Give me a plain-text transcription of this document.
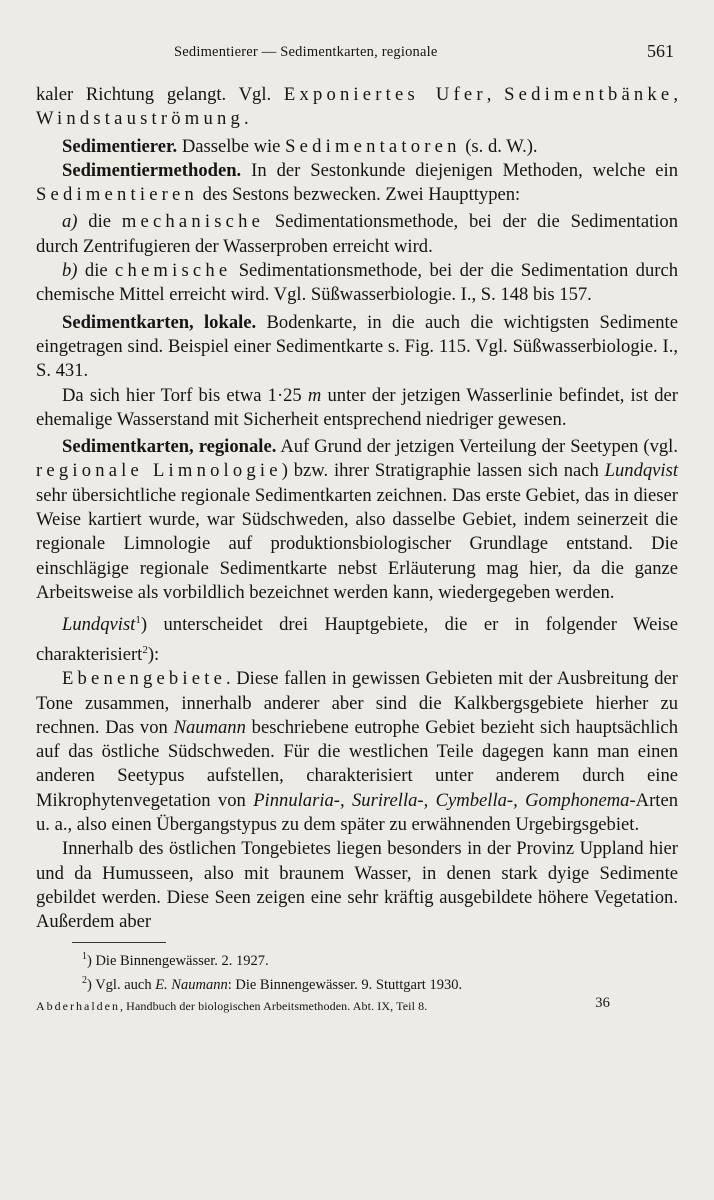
Sedimentierer — Sedimentkarten, regionale	561

kaler Richtung gelangt. Vgl. Exponiertes Ufer, Sedimentbänke, Windstauströmung.

Sedimentierer. Dasselbe wie Sedimentatoren (s. d. W.).

Sedimentiermethoden. In der Sestonkunde diejenigen Methoden, welche ein Sedimentieren des Sestons bezwecken. Zwei Haupttypen:

a) die mechanische Sedimentationsmethode, bei der die Sedimentation durch Zentrifugieren der Wasserproben erreicht wird.

b) die chemische Sedimentationsmethode, bei der die Sedimentation durch chemische Mittel erreicht wird. Vgl. Süßwasserbiologie. I., S. 148 bis 157.

Sedimentkarten, lokale. Bodenkarte, in die auch die wichtigsten Sedimente eingetragen sind. Beispiel einer Sedimentkarte s. Fig. 115. Vgl. Süßwasserbiologie. I., S. 431.

Da sich hier Torf bis etwa 1·25 m unter der jetzigen Wasserlinie befindet, ist der ehemalige Wasserstand mit Sicherheit entsprechend niedriger gewesen.

Sedimentkarten, regionale. Auf Grund der jetzigen Verteilung der Seetypen (vgl. regionale Limnologie) bzw. ihrer Stratigraphie lassen sich nach Lundqvist sehr übersichtliche regionale Sedimentkarten zeichnen. Das erste Gebiet, das in dieser Weise kartiert wurde, war Südschweden, also dasselbe Gebiet, indem seinerzeit die regionale Limnologie auf produktionsbiologischer Grundlage entstand. Die einschlägige regionale Sedimentkarte nebst Erläuterung mag hier, da die ganze Arbeitsweise als vorbildlich bezeichnet werden kann, wiedergegeben werden.

Lundqvist$^1$) unterscheidet drei Hauptgebiete, die er in folgender Weise charakterisiert$^2$):

Ebenengebiete. Diese fallen in gewissen Gebieten mit der Ausbreitung der Tone zusammen, innerhalb anderer aber sind die Kalkbergsgebiete hierher zu rechnen. Das von Naumann beschriebene eutrophe Gebiet bezieht sich hauptsächlich auf das östliche Südschweden. Für die westlichen Teile dagegen kann man einen anderen Seetypus aufstellen, charakterisiert unter anderem durch eine Mikrophytenvegetation von Pinnularia-, Surirella-, Cymbella-, Gomphonema-Arten u. a., also einen Übergangstypus zu dem später zu erwähnenden Urgebirgsgebiet.

Innerhalb des östlichen Tongebietes liegen besonders in der Provinz Uppland hier und da Humusseen, also mit braunem Wasser, in denen stark dyige Sedimente gebildet werden. Diese Seen zeigen eine sehr kräftig ausgebildete höhere Vegetation. Außerdem aber

$^1$) Die Binnengewässer. 2. 1927.

$^2$) Vgl. auch E. Naumann: Die Binnengewässer. 9. Stuttgart 1930.

Abderhalden, Handbuch der biologischen Arbeitsmethoden. Abt. IX, Teil 8.	36
